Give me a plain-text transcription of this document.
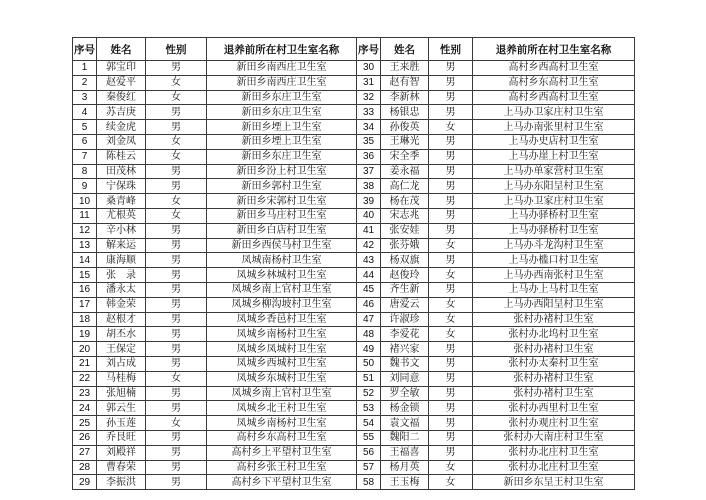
序号	姓名	性别	退养前所在村卫生室名称	序号	姓名	性别	退养前所在村卫生室名称
1	郭宝印	男	新田乡南西庄卫生室	30	王来胜	男	高村乡西高村卫生室
2	赵爱平	女	新田乡南西庄卫生室	31	赵有智	男	高村乡东高村卫生室
3	秦俊红	女	新田乡东庄卫生室	32	李新林	男	高村乡西高村卫生室
4	苏吉庚	男	新田乡东庄卫生室	33	杨银忠	男	上马办卫家庄村卫生室
5	续金虎	男	新田乡堙上卫生室	34	孙俊英	女	上马办南张里村卫生室
6	刘金凤	女	新田乡堙上卫生室	35	王琳光	男	上马办史店村卫生室
7	陈桂云	女	新田乡东庄卫生室	36	宋全季	男	上马办崖上村卫生室
8	田茂林	男	新田乡汾上村卫生室	37	姜永福	男	上马办单家营村卫生室
9	宁保珠	男	新田乡郭村卫生室	38	高仁龙	男	上马办东阳呈村卫生室
10	桑青峰	女	新田乡宋郭村卫生室	39	杨在茂	男	上马办卫家庄村卫生室
11	尤根英	女	新田乡马庄村卫生室	40	宋志兆	男	上马办驿桥村卫生室
12	辛小林	男	新田乡白店村卫生室	41	张安娃	男	上马办驿桥村卫生室
13	解来运	男	新田乡西侯马村卫生室	42	张芬娥	女	上马办斗龙沟村卫生室
14	康海顺	男	凤城南杨村卫生室	43	杨双旗	男	上马办槛口村卫生室
15	张　录	男	凤城乡林城村卫生室	44	赵俊玲	女	上马办西南张村卫生室
16	潘永太	男	凤城乡南上官村卫生室	45	齐生新	男	上马办上马村卫生室
17	韩金荣	男	凤城乡柳沟坡村卫生室	46	唐爱云	女	上马办西阳呈村卫生室
18	赵根才	男	凤城乡香邑村卫生室	47	许淑珍	女	张村办褚村卫生室
19	胡丕水	男	凤城乡南杨村卫生室	48	李爱花	女	张村办北坞村卫生室
20	王保定	男	凤城乡凤城村卫生室	49	褚兴家	男	张村办褚村卫生室
21	刘占成	男	凤城乡西城村卫生室	50	魏书文	男	张村办太秦村卫生室
22	马桂梅	女	凤城乡东城村卫生室	51	刘同意	男	张村办褚村卫生室
23	张旭楠	男	凤城乡南上官村卫生室	52	罗全敏	男	张村办褚村卫生室
24	郭云生	男	凤城乡北王村卫生室	53	杨金锁	男	张村办西里村卫生室
25	孙玉莲	女	凤城乡南杨村卫生室	54	袁文福	男	张村办观庄村卫生室
26	乔艮旺	男	高村乡东高村卫生室	55	魏阳二	男	张村办大南庄村卫生室
27	刘殿祥	男	高村乡上平望村卫生室	56	王福喜	男	张村办北庄村卫生室
28	曹春荣	男	高村乡张王村卫生室	57	杨月英	女	张村办北庄村卫生室
29	李振洪	男	高村乡下平望村卫生室	58	王玉梅	女	新田乡东呈王村卫生室
